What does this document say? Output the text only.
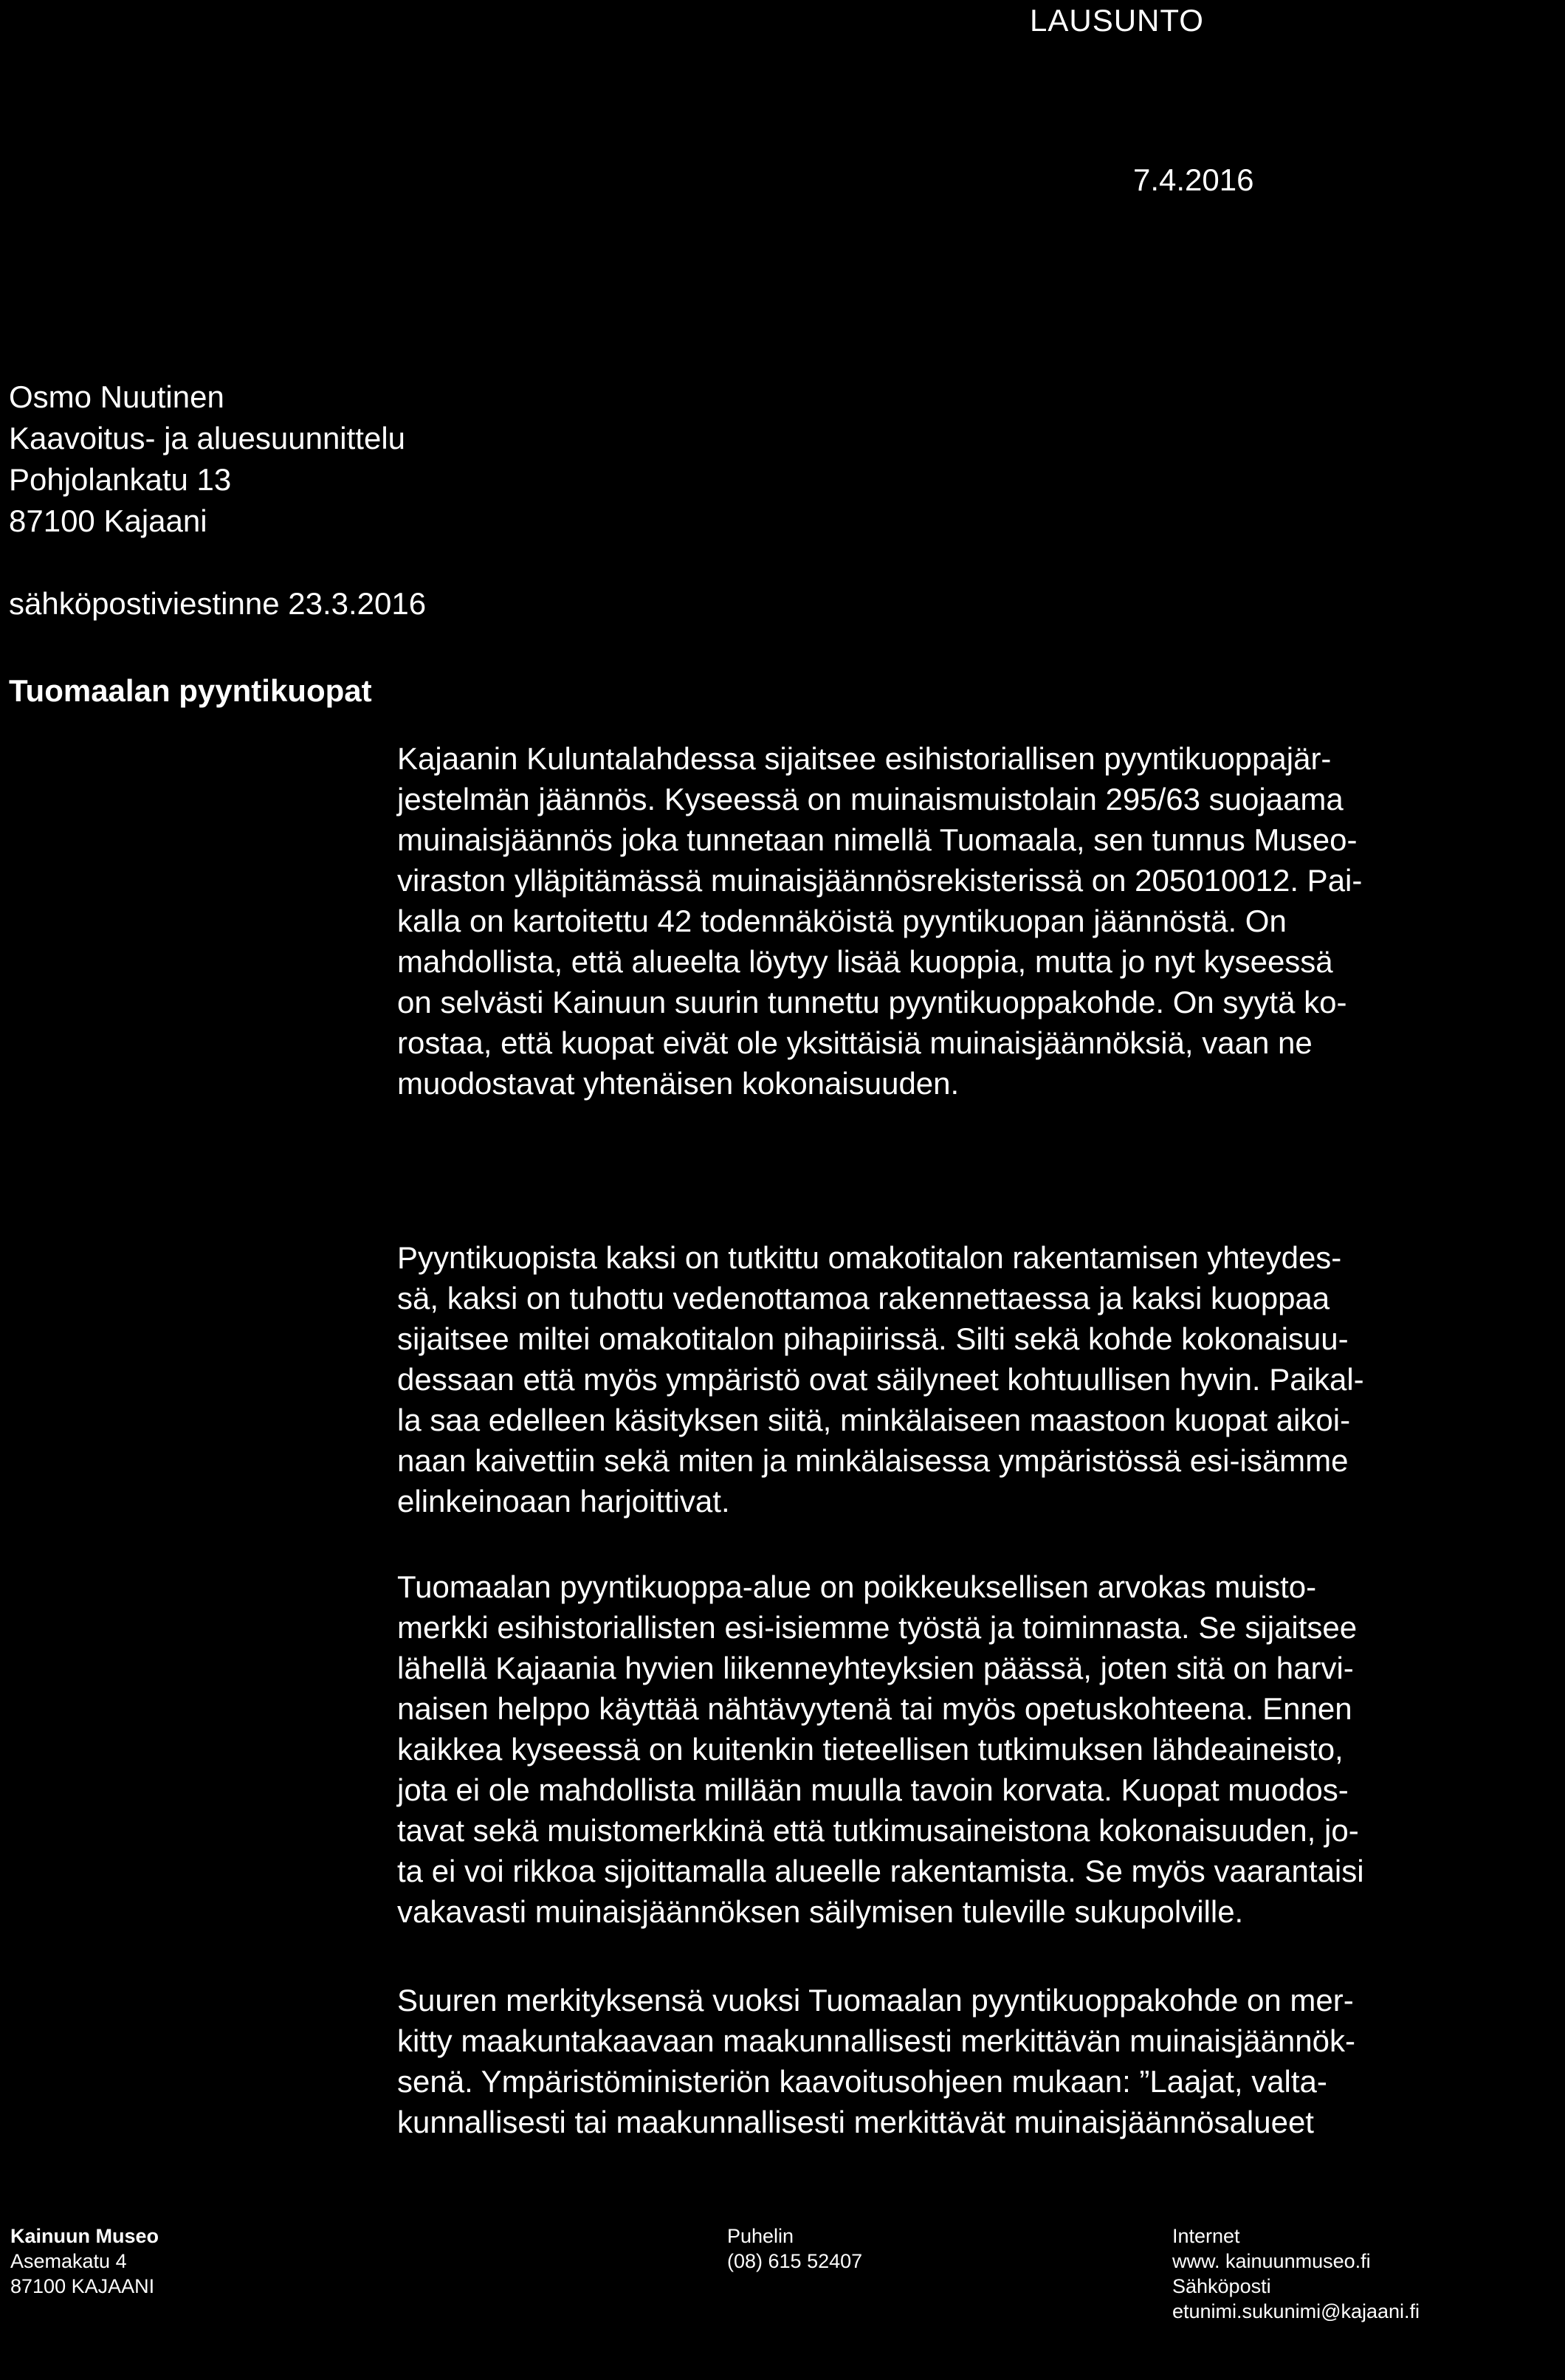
LAUSUNTO
7.4.2016
Osmo Nuutinen
Kaavoitus- ja aluesuunnittelu
Pohjolankatu 13
87100 Kajaani
sähköpostiviestinne 23.3.2016
Tuomaalan pyyntikuopat
Kajaanin Kuluntalahdessa sijaitsee esihistoriallisen pyyntikuoppajär-
jestelmän jäännös. Kyseessä on muinaismuistolain 295/63 suojaama
muinaisjäännös joka tunnetaan nimellä Tuomaala, sen tunnus Museo-
viraston ylläpitämässä muinaisjäännösrekisterissä on 205010012. Pai-
kalla on kartoitettu 42 todennäköistä pyyntikuopan jäännöstä. On
mahdollista, että alueelta löytyy lisää kuoppia, mutta jo nyt kyseessä
on selvästi Kainuun suurin tunnettu pyyntikuoppakohde. On syytä ko-
rostaa, että kuopat eivät ole yksittäisiä muinaisjäännöksiä, vaan ne
muodostavat yhtenäisen kokonaisuuden.
Pyyntikuopista kaksi on tutkittu omakotitalon rakentamisen yhteydes-
sä, kaksi on tuhottu vedenottamoa rakennettaessa ja kaksi kuoppaa
sijaitsee miltei omakotitalon pihapiirissä. Silti sekä kohde kokonaisuu-
dessaan että myös ympäristö ovat säilyneet kohtuullisen hyvin. Paikal-
la saa edelleen käsityksen siitä, minkälaiseen maastoon kuopat aikoi-
naan kaivettiin sekä miten ja minkälaisessa ympäristössä esi-isämme
elinkeinoaan harjoittivat.
Tuomaalan pyyntikuoppa-alue on poikkeuksellisen arvokas muisto-
merkki esihistoriallisten esi-isiemme työstä ja toiminnasta. Se sijaitsee
lähellä Kajaania hyvien liikenneyhteyksien päässä, joten sitä on harvi-
naisen helppo käyttää nähtävyytenä tai myös opetuskohteena. Ennen
kaikkea kyseessä on kuitenkin tieteellisen tutkimuksen lähdeaineisto,
jota ei ole mahdollista millään muulla tavoin korvata. Kuopat muodos-
tavat sekä muistomerkkinä että tutkimusaineistona kokonaisuuden, jo-
ta ei voi rikkoa sijoittamalla alueelle rakentamista. Se myös vaarantaisi
vakavasti muinaisjäännöksen säilymisen tuleville sukupolville.
Suuren merkityksensä vuoksi Tuomaalan pyyntikuoppakohde on mer-
kitty maakuntakaavaan maakunnallisesti merkittävän muinaisjäännök-
senä. Ympäristöministeriön kaavoitusohjeen mukaan: ”Laajat, valta-
kunnallisesti tai maakunnallisesti merkittävät muinaisjäännösalueet
Kainuun Museo
Asemakatu 4
87100 KAJAANI
Puhelin
(08) 615 52407
Internet
www. kainuunmuseo.fi
Sähköposti
etunimi.sukunimi@kajaani.fi
